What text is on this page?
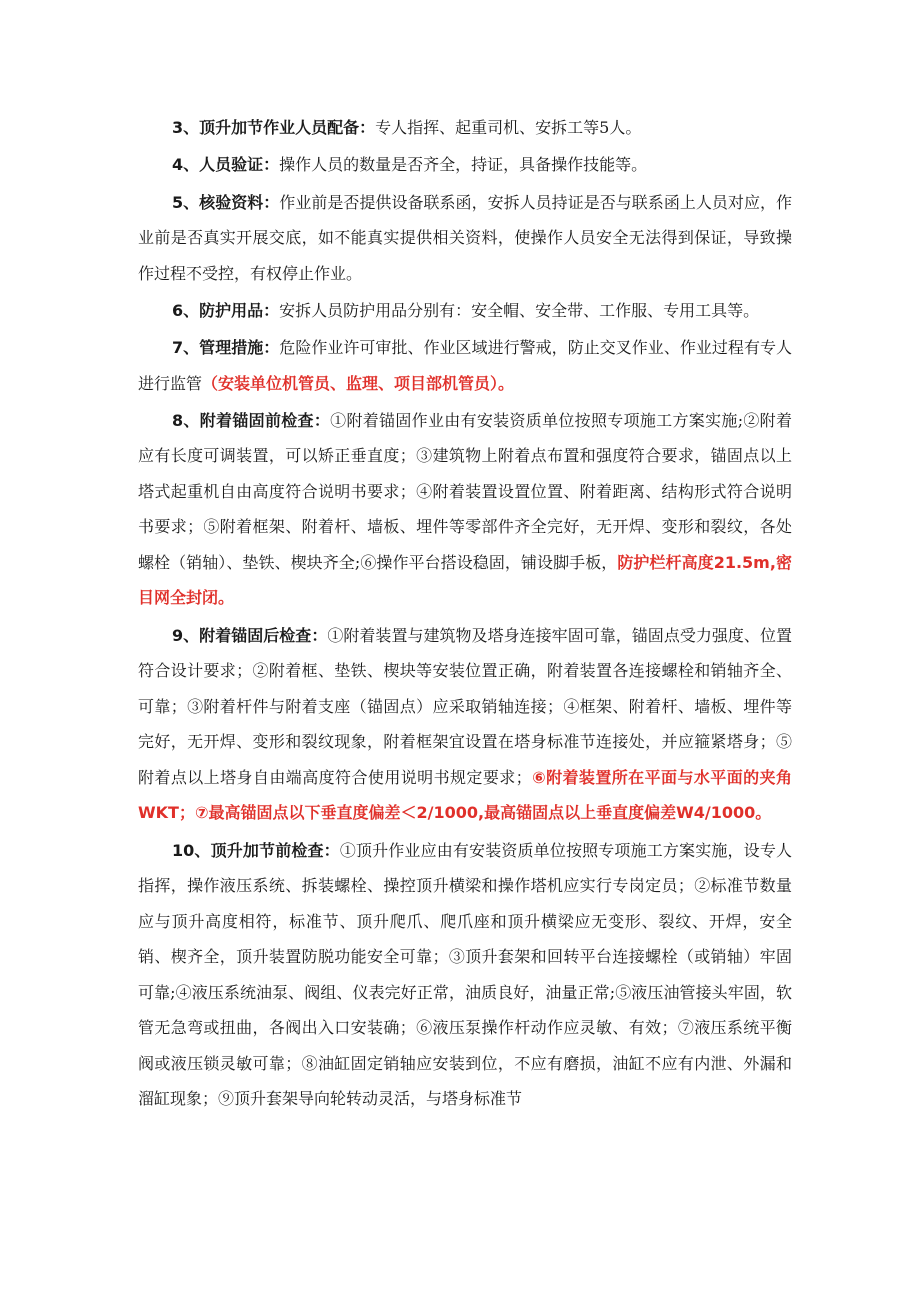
3、顶升加节作业人员配备：专人指挥、起重司机、安拆工等5人。

4、人员验证：操作人员的数量是否齐全，持证，具备操作技能等。

5、核验资料：作业前是否提供设备联系函，安拆人员持证是否与联系函上人员对应，作业前是否真实开展交底，如不能真实提供相关资料，使操作人员安全无法得到保证，导致操作过程不受控，有权停止作业。

6、防护用品：安拆人员防护用品分别有：安全帽、安全带、工作服、专用工具等。

7、管理措施：危险作业许可审批、作业区域进行警戒，防止交叉作业、作业过程有专人进行监管（安装单位机管员、监理、项目部机管员）。

8、附着锚固前检查：①附着锚固作业由有安装资质单位按照专项施工方案实施;②附着应有长度可调装置，可以矫正垂直度；③建筑物上附着点布置和强度符合要求，锚固点以上塔式起重机自由高度符合说明书要求；④附着装置设置位置、附着距离、结构形式符合说明书要求；⑤附着框架、附着杆、墙板、埋件等零部件齐全完好，无开焊、变形和裂纹，各处螺栓（销轴）、垫铁、楔块齐全;⑥操作平台搭设稳固，铺设脚手板，防护栏杆高度21.5m,密目网全封闭。

9、附着锚固后检查：①附着装置与建筑物及塔身连接牢固可靠，锚固点受力强度、位置符合设计要求；②附着框、垫铁、楔块等安装位置正确，附着装置各连接螺栓和销轴齐全、可靠；③附着杆件与附着支座（锚固点）应采取销轴连接；④框架、附着杆、墙板、埋件等完好，无开焊、变形和裂纹现象，附着框架宜设置在塔身标准节连接处，并应箍紧塔身；⑤附着点以上塔身自由端高度符合使用说明书规定要求；⑥附着装置所在平面与水平面的夹角WKT；⑦最高锚固点以下垂直度偏差＜2/1000,最高锚固点以上垂直度偏差W4/1000。

10、顶升加节前检查：①顶升作业应由有安装资质单位按照专项施工方案实施，设专人指挥，操作液压系统、拆装螺栓、操控顶升横梁和操作塔机应实行专岗定员；②标准节数量应与顶升高度相符，标准节、顶升爬爪、爬爪座和顶升横梁应无变形、裂纹、开焊，安全销、楔齐全，顶升装置防脱功能安全可靠；③顶升套架和回转平台连接螺栓（或销轴）牢固可靠;④液压系统油泵、阀组、仪表完好正常，油质良好，油量正常;⑤液压油管接头牢固，软管无急弯或扭曲，各阀出入口安装确；⑥液压泵操作杆动作应灵敏、有效；⑦液压系统平衡阀或液压锁灵敏可靠；⑧油缸固定销轴应安装到位，不应有磨损，油缸不应有内泄、外漏和溜缸现象；⑨顶升套架导向轮转动灵活，与塔身标准节
